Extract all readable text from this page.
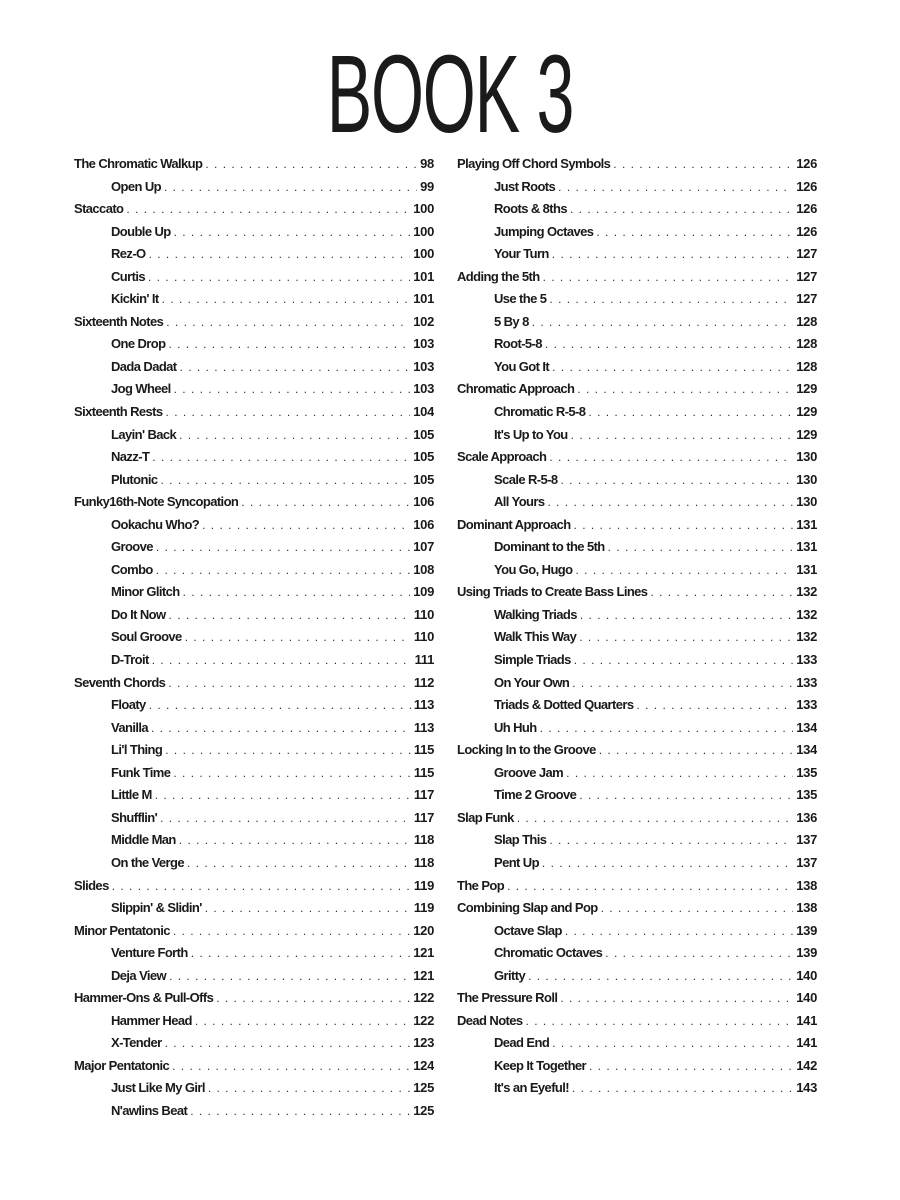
BOOK 3
The Chromatic Walkup . . .	98
Open Up . . .	99
Staccato . . .	100
Double Up . . .	100
Rez-O . . .	100
Curtis . . .	101
Kickin' It . . .	101
Sixteenth Notes . . .	102
One Drop . . .	103
Dada Dadat . . .	103
Jog Wheel . . .	103
Sixteenth Rests . . .	104
Layin' Back . . .	105
Nazz-T . . .	105
Plutonic . . .	105
Funky16th-Note Syncopation . . .	106
Ookachu Who? . . .	106
Groove . . .	107
Combo . . .	108
Minor Glitch . . .	109
Do It Now . . .	110
Soul Groove . . .	110
D-Troit . . .	111
Seventh Chords . . .	112
Floaty . . .	113
Vanilla . . .	113
Li'l Thing . . .	115
Funk Time . . .	115
Little M . . .	117
Shufflin' . . .	117
Middle Man . . .	118
On the Verge . . .	118
Slides . . .	119
Slippin' & Slidin' . . .	119
Minor Pentatonic . . .	120
Venture Forth . . .	121
Deja View . . .	121
Hammer-Ons & Pull-Offs . . .	122
Hammer Head . . .	122
X-Tender . . .	123
Major Pentatonic . . .	124
Just Like My Girl . . .	125
N'awlins Beat . . .	125
Playing Off Chord Symbols . . .	126
Just Roots . . .	126
Roots & 8ths . . .	126
Jumping Octaves . . .	126
Your Turn . . .	127
Adding the 5th . . .	127
Use the 5 . . .	127
5 By 8 . . .	128
Root-5-8 . . .	128
You Got It . . .	128
Chromatic Approach . . .	129
Chromatic R-5-8 . . .	129
It's Up to You . . .	129
Scale Approach . . .	130
Scale R-5-8 . . .	130
All Yours . . .	130
Dominant Approach . . .	131
Dominant to the 5th . . .	131
You Go, Hugo . . .	131
Using Triads to Create Bass Lines . . .	132
Walking Triads . . .	132
Walk This Way . . .	132
Simple Triads . . .	133
On Your Own . . .	133
Triads & Dotted Quarters . . .	133
Uh Huh . . .	134
Locking In to the Groove . . .	134
Groove Jam . . .	135
Time 2 Groove . . .	135
Slap Funk . . .	136
Slap This . . .	137
Pent Up . . .	137
The Pop . . .	138
Combining Slap and Pop . . .	138
Octave Slap . . .	139
Chromatic Octaves . . .	139
Gritty . . .	140
The Pressure Roll . . .	140
Dead Notes . . .	141
Dead End . . .	141
Keep It Together . . .	142
It's an Eyeful! . . .	143
